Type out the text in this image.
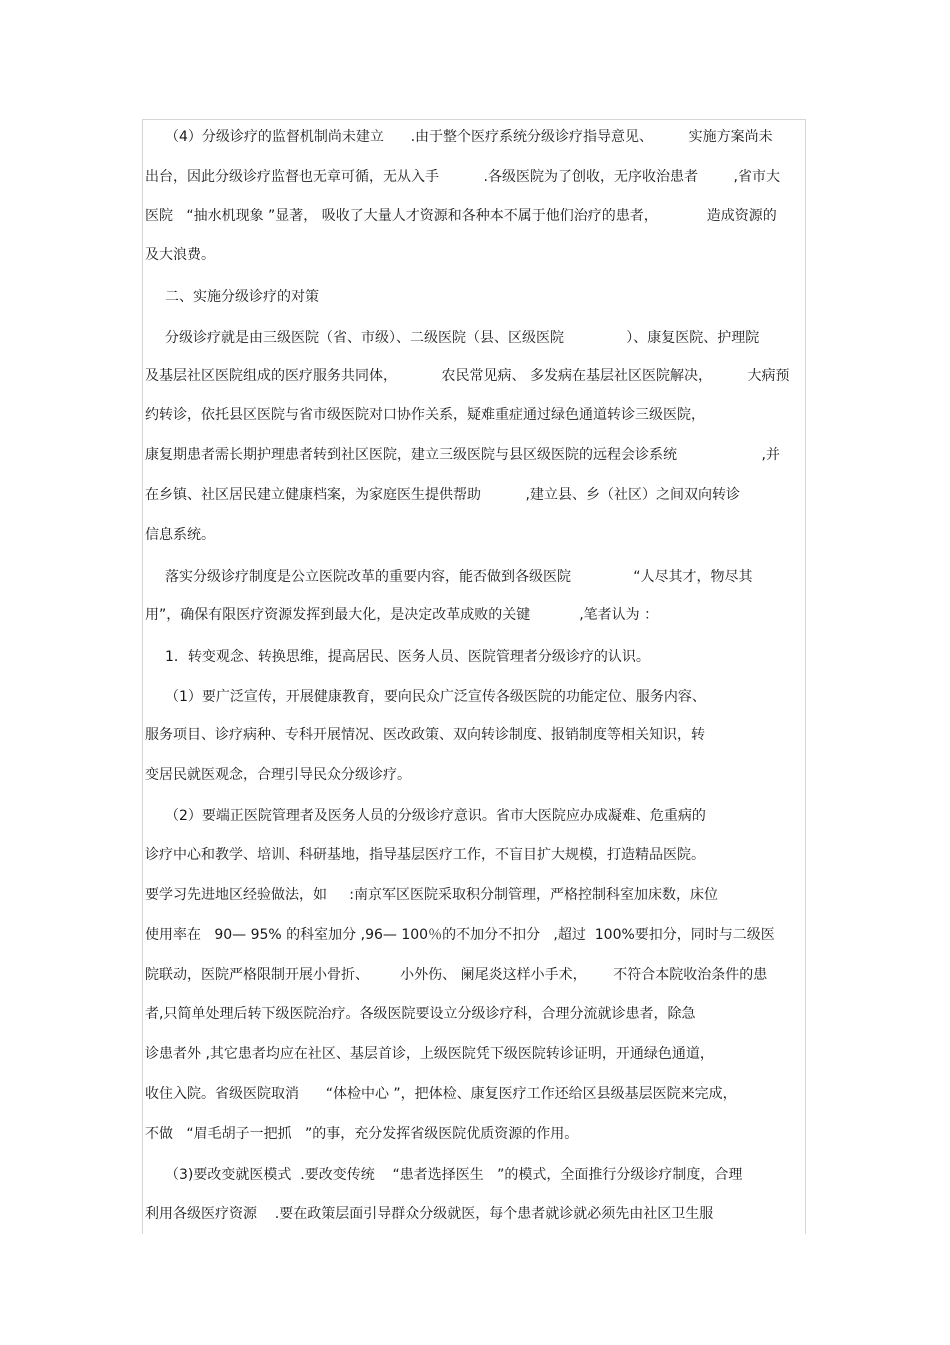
（4）分级诊疗的监督机制尚未建立      .由于整个医疗系统分级诊疗指导意见、        实施方案尚未
出台，因此分级诊疗监督也无章可循，无从入手          .各级医院为了创收，无序收治患者        ,省市大
医院   “抽水机现象 ”显著， 吸收了大量人才资源和各种本不属于他们治疗的患者，           造成资源的
及大浪费。
二、实施分级诊疗的对策
分级诊疗就是由三级医院（省、市级）、二级医院（县、区级医院              ）、康复医院、护理院
及基层社区医院组成的医疗服务共同体，          农民常见病、 多发病在基层社区医院解决，        大病预
约转诊，依托县区医院与省市级医院对口协作关系，疑难重症通过绿色通道转诊三级医院，
康复期患者需长期护理患者转到社区医院，建立三级医院与县区级医院的远程会诊系统                   ,并
在乡镇、社区居民建立健康档案，为家庭医生提供帮助          ,建立县、乡（社区）之间双向转诊
信息系统。
落实分级诊疗制度是公立医院改革的重要内容，能否做到各级医院              “人尽其才，物尽其
用”，确保有限医疗资源发挥到最大化，是决定改革成败的关键           ,笔者认为 ：
1．转变观念、转换思维，提高居民、医务人员、医院管理者分级诊疗的认识。
（1）要广泛宣传，开展健康教育，要向民众广泛宣传各级医院的功能定位、服务内容、
服务项目、诊疗病种、专科开展情况、医改政策、双向转诊制度、报销制度等相关知识，转
变居民就医观念，合理引导民众分级诊疗。
（2）要端正医院管理者及医务人员的分级诊疗意识。省市大医院应办成凝难、危重病的
诊疗中心和教学、培训、科研基地，指导基层医疗工作，不盲目扩大规模，打造精品医院。
要学习先进地区经验做法，如     :南京军区医院采取积分制管理，严格控制科室加床数，床位
使用率在   90— 95% 的科室加分 ,96— 100％的不加分不扣分   ,超过  100%要扣分，同时与二级医
院联动，医院严格限制开展小骨折、       小外伤、 阑尾炎这样小手术，      不符合本院收治条件的患
者,只简单处理后转下级医院治疗。各级医院要设立分级诊疗科，合理分流就诊患者，除急
诊患者外 ,其它患者均应在社区、基层首诊，上级医院凭下级医院转诊证明，开通绿色通道，
收住入院。省级医院取消      “体检中心 ”，把体检、康复医疗工作还给区县级基层医院来完成，
不做   “眉毛胡子一把抓   ”的事，充分发挥省级医院优质资源的作用。
（3)要改变就医模式  .要改变传统    “患者选择医生   ”的模式，全面推行分级诊疗制度，合理
利用各级医疗资源    .要在政策层面引导群众分级就医，每个患者就诊就必须先由社区卫生服
